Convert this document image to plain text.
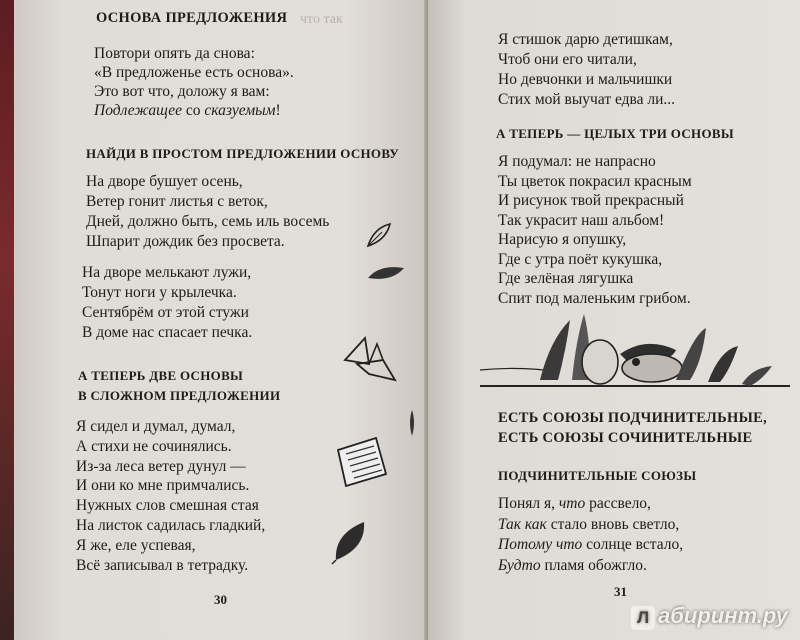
ОСНОВА ПРЕДЛОЖЕНИЯ что так
Повтори опять да снова:
«В предложенье есть основа».
Это вот что, доложу я вам:
Подлежащее со сказуемым!
НАЙДИ В ПРОСТОМ ПРЕДЛОЖЕНИИ ОСНОВУ
На дворе бушует осень,
Ветер гонит листья с веток,
Дней, должно быть, семь иль восемь
Шпарит дождик без просвета.
На дворе мелькают лужи,
Тонут ноги у крылечка.
Сентябрём от этой стужи
В доме нас спасает печка.
А ТЕПЕРЬ ДВЕ ОСНОВЫ
В СЛОЖНОМ ПРЕДЛОЖЕНИИ
Я сидел и думал, думал,
А стихи не сочинялись.
Из-за леса ветер дунул —
И они ко мне примчались.
Нужных слов смешная стая
На листок садилась гладкий,
Я же, еле успевая,
Всё записывал в тетрадку.
30
Я стишок дарю детишкам,
Чтоб они его читали,
Но девчонки и мальчишки
Стих мой выучат едва ли...
А ТЕПЕРЬ — ЦЕЛЫХ ТРИ ОСНОВЫ
Я подумал: не напрасно
Ты цветок покрасил красным
И рисунок твой прекрасный
Так украсит наш альбом!
Нарисую я опушку,
Где с утра поёт кукушка,
Где зелёная лягушка
Спит под маленьким грибом.
ЕСТЬ СОЮЗЫ ПОДЧИНИТЕЛЬНЫЕ,
ЕСТЬ СОЮЗЫ СОЧИНИТЕЛЬНЫЕ
ПОДЧИНИТЕЛЬНЫЕ СОЮЗЫ
Понял я, что рассвело,
Так как стало вновь светло,
Потому что солнце встало,
Будто пламя обожгло.
31
Л абиринт.ру
